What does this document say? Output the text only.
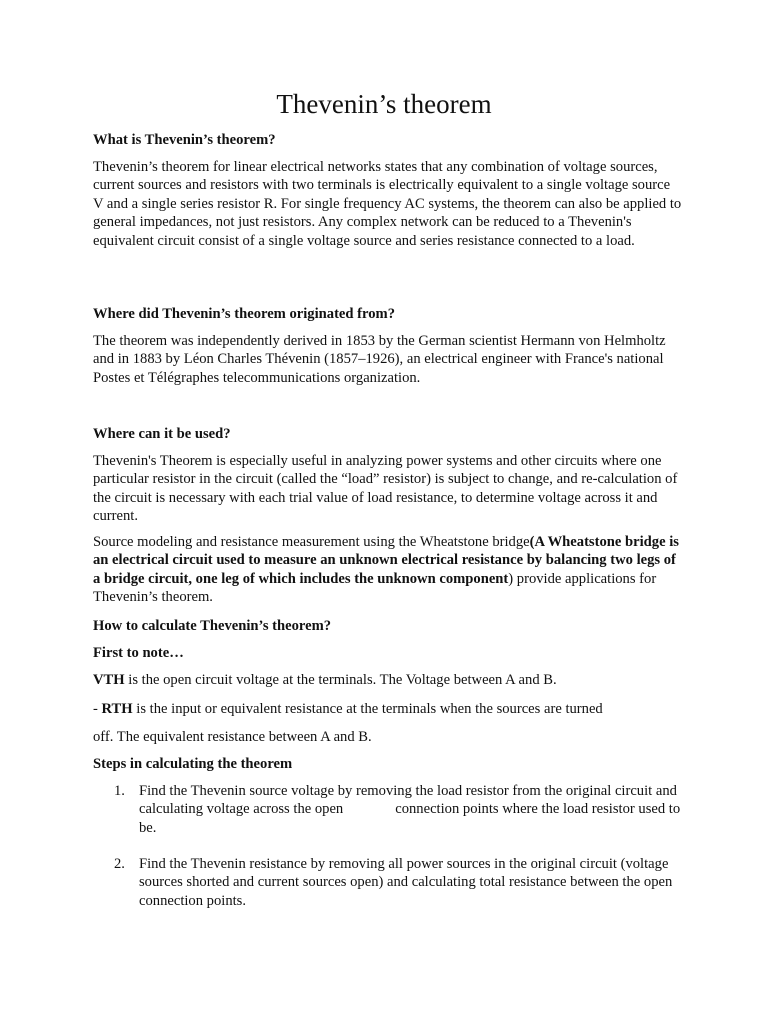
Thevenin’s theorem

What is Thevenin’s theorem?

Thevenin’s theorem for linear electrical networks states that any combination of voltage sources, current sources and resistors with two terminals is electrically equivalent to a single voltage source V and a single series resistor R. For single frequency AC systems, the theorem can also be applied to general impedances, not just resistors. Any complex network can be reduced to a Thevenin's equivalent circuit consist of a single voltage source and series resistance connected to a load.

Where did Thevenin’s theorem originated from?

The theorem was independently derived in 1853 by the German scientist Hermann von Helmholtz and in 1883 by Léon Charles Thévenin (1857–1926), an electrical engineer with France's national Postes et Télégraphes telecommunications organization.

Where can it be used?

Thevenin's Theorem is especially useful in analyzing power systems and other circuits where one particular resistor in the circuit (called the “load” resistor) is subject to change, and re-calculation of the circuit is necessary with each trial value of load resistance, to determine voltage across it and current.

Source modeling and resistance measurement using the Wheatstone bridge(A Wheatstone bridge is an electrical circuit used to measure an unknown electrical resistance by balancing two legs of a bridge circuit, one leg of which includes the unknown component) provide applications for Thevenin’s theorem.

How to calculate Thevenin’s theorem?

First to note…

VTH is the open circuit voltage at the terminals. The Voltage between A and B.

- RTH is the input or equivalent resistance at the terminals when the sources are turned

off. The equivalent resistance between A and B.

Steps in calculating the theorem

1. Find the Thevenin source voltage by removing the load resistor from the original circuit and calculating voltage across the open	connection points where the load resistor used to be.
2. Find the Thevenin resistance by removing all power sources in the original circuit (voltage sources shorted and current sources open) and calculating total resistance between the open connection points.
